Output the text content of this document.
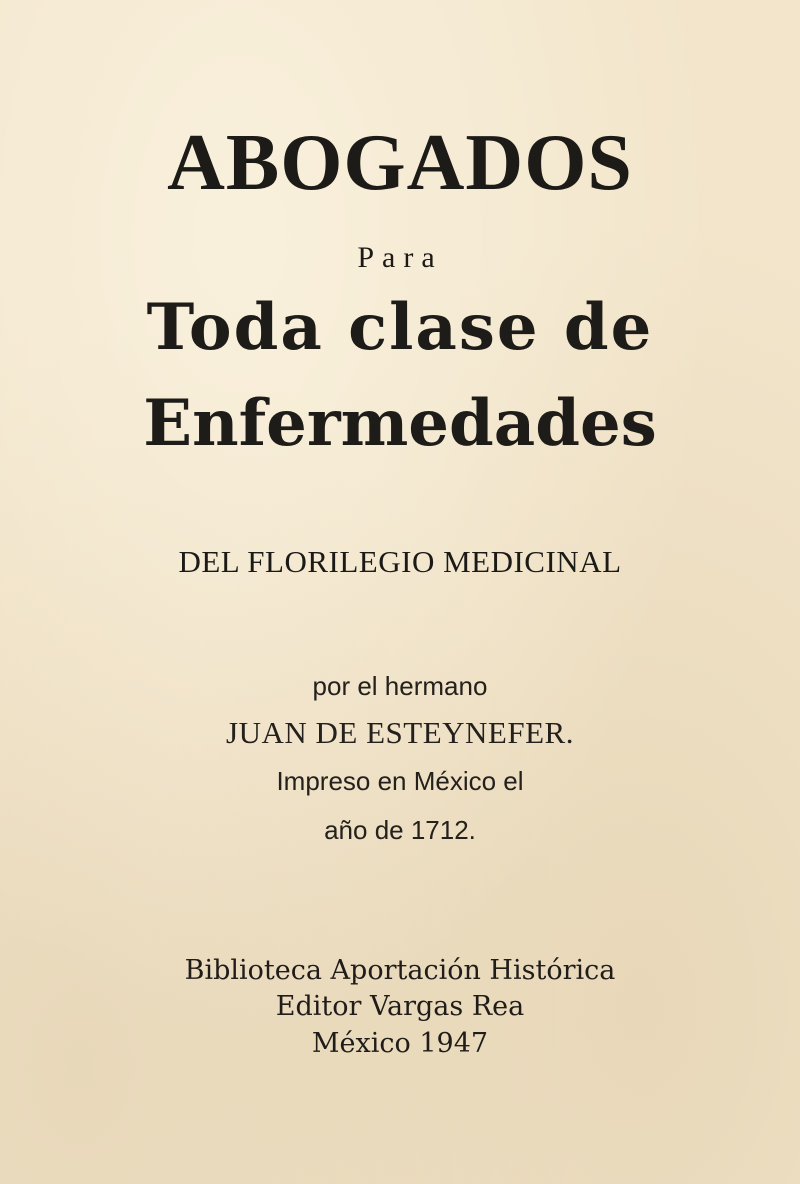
ABOGADOS
Para
Toda clase de
Enfermedades
DEL FLORILEGIO MEDICINAL
por el hermano
JUAN DE ESTEYNEFER.
Impreso en México el
año de 1712.
Biblioteca Aportación Histórica
Editor Vargas Rea
México 1947
